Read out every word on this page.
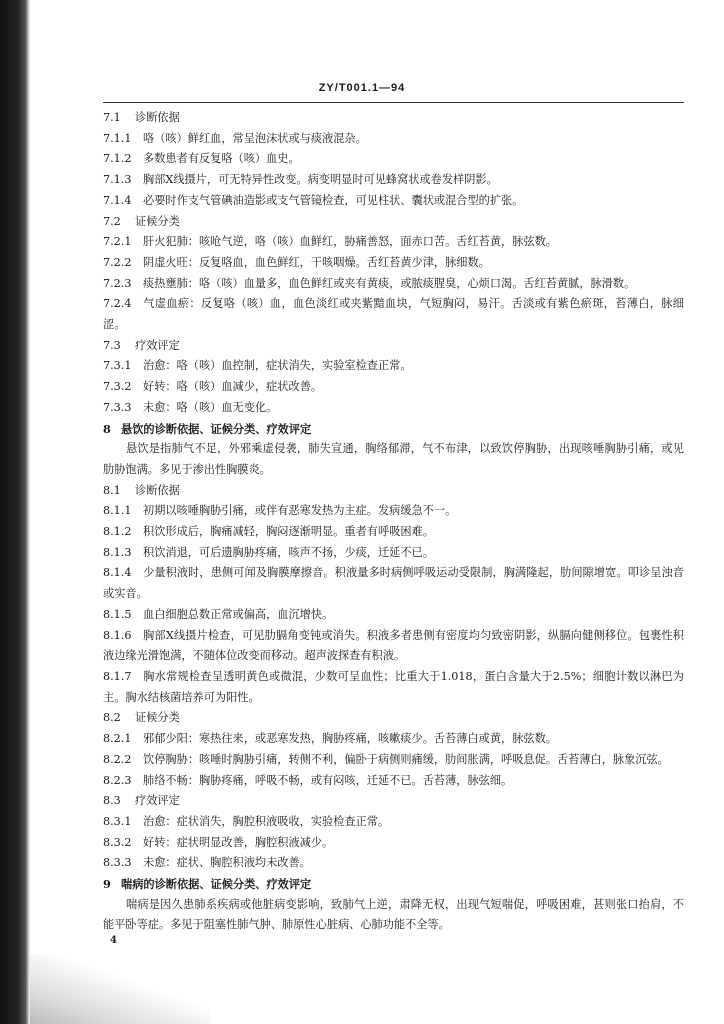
ZY/T001.1—94
7.1 诊断依据
7.1.1 咯（咳）鲜红血，常呈泡沫状或与痰液混杂。
7.1.2 多数患者有反复咯（咳）血史。
7.1.3 胸部X线摄片，可无特异性改变。病变明显时可见蜂窝状或卷发样阴影。
7.1.4 必要时作支气管碘油造影或支气管镜检查，可见柱状、囊状或混合型的扩张。
7.2 证候分类
7.2.1 肝火犯肺：咳呛气逆，咯（咳）血鲜红，胁痛善怒，面赤口苦。舌红苔黄，脉弦数。
7.2.2 阴虚火旺：反复咯血，血色鲜红，干咳咽燥。舌红苔黄少津，脉细数。
7.2.3 痰热壅肺：咯（咳）血量多，血色鲜红或夹有黄痰，或脓痰腥臭，心烦口渴。舌红苔黄腻，脉滑数。
7.2.4 气虚血瘀：反复咯（咳）血，血色淡红或夹紫黯血块，气短胸闷，易汗。舌淡或有紫色瘀斑，苔薄白，脉细涩。
7.3 疗效评定
7.3.1 治愈：咯（咳）血控制，症状消失，实验室检查正常。
7.3.2 好转：咯（咳）血减少，症状改善。
7.3.3 未愈：咯（咳）血无变化。
8 悬饮的诊断依据、证候分类、疗效评定
悬饮是指肺气不足，外邪乘虚侵袭，肺失宣通，胸络郁滞，气不布津，以致饮停胸胁，出现咳唾胸胁引痛，或见肋胁饱满。多见于渗出性胸膜炎。
8.1 诊断依据
8.1.1 初期以咳唾胸胁引痛，或伴有恶寒发热为主症。发病缓急不一。
8.1.2 积饮形成后，胸痛减轻，胸闷逐渐明显。重者有呼吸困难。
8.1.3 积饮消退，可后遗胸胁疼痛，咳声不扬，少痰，迁延不已。
8.1.4 少量积液时，患侧可闻及胸膜摩擦音。积液量多时病侧呼吸运动受限制，胸满隆起，肋间隙增宽。叩诊呈浊音或实音。
8.1.5 血白细胞总数正常或偏高，血沉增快。
8.1.6 胸部X线摄片检查，可见肋膈角变钝或消失。积液多者患侧有密度均匀致密阴影，纵膈向健侧移位。包裹性积液边缘光滑饱满，不随体位改变而移动。超声波探查有积液。
8.1.7 胸水常规检查呈透明黄色或微混，少数可呈血性；比重大于1.018，蛋白含量大于2.5%；细胞计数以淋巴为主。胸水结核菌培养可为阳性。
8.2 证候分类
8.2.1 邪郁少阳：寒热往来，或恶寒发热，胸胁疼痛，咳嗽痰少。舌苔薄白或黄，脉弦数。
8.2.2 饮停胸胁：咳唾时胸胁引痛，转侧不利，偏卧于病侧则痛缓，肋间胀满，呼吸息促。舌苔薄白，脉象沉弦。
8.2.3 肺络不畅：胸胁疼痛，呼吸不畅，或有闷咳，迁延不已。舌苔薄，脉弦细。
8.3 疗效评定
8.3.1 治愈：症状消失，胸腔积液吸收，实验检查正常。
8.3.2 好转：症状明显改善，胸腔积液减少。
8.3.3 未愈：症状、胸腔积液均未改善。
9 喘病的诊断依据、证候分类、疗效评定
喘病是因久患肺系疾病或他脏病变影响，致肺气上逆，肃降无权，出现气短喘促，呼吸困难，甚则张口抬肩，不能平卧等症。多见于阻塞性肺气肿、肺原性心脏病、心肺功能不全等。
4
